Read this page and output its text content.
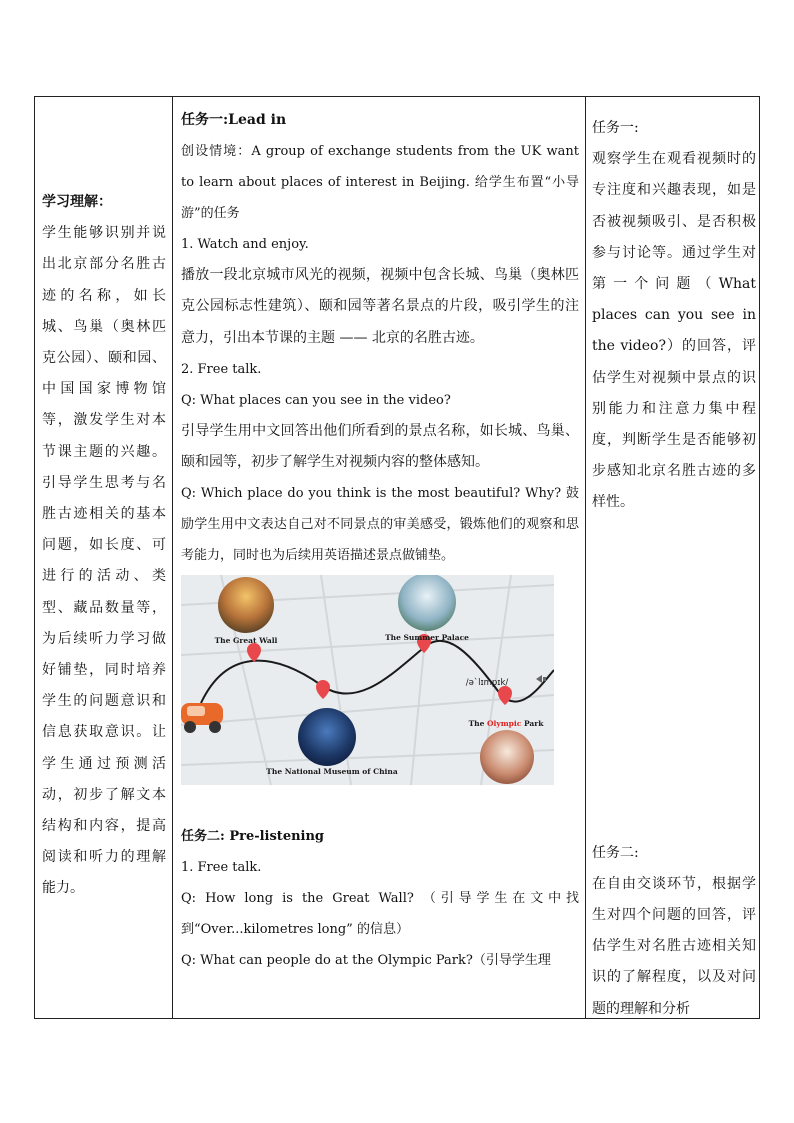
学习理解：

学生能够识别并说出北京部分名胜古迹的名称，如长城、鸟巢（奥林匹克公园）、颐和园、中国国家博物馆等，激发学生对本节课主题的兴趣。引导学生思考与名胜古迹相关的基本问题，如长度、可进行的活动、类型、藏品数量等，为后续听力学习做好铺垫，同时培养学生的问题意识和信息获取意识。让学生通过预测活动，初步了解文本结构和内容，提高阅读和听力的理解能力。

任务一:Lead in

创设情境：A group of exchange students from the UK want to learn about places of interest in Beijing. 给学生布置“小导游”的任务

1. Watch and enjoy.

播放一段北京城市风光的视频，视频中包含长城、鸟巢（奥林匹克公园标志性建筑）、颐和园等著名景点的片段，吸引学生的注意力，引出本节课的主题 —— 北京的名胜古迹。

2. Free talk.

Q: What places can you see in the video?

引导学生用中文回答出他们所看到的景点名称，如长城、鸟巢、颐和园等，初步了解学生对视频内容的整体感知。

Q: Which place do you think is the most beautiful? Why? 鼓励学生用中文表达自己对不同景点的审美感受，锻炼他们的观察和思考能力，同时也为后续用英语描述景点做铺垫。

The Great Wall	The Summer Palace
The National Museum of China
The Olympic Park
/ə`lɪmpɪk/

任务二: Pre-listening

1. Free talk.

Q: How long is the Great Wall? （引导学生在文中找到“Over...kilometres long” 的信息）

Q: What can people do at the Olympic Park?（引导学生理

任务一:

观察学生在观看视频时的专注度和兴趣表现，如是否被视频吸引、是否积极参与讨论等。通过学生对第一个问题（What places can you see in the video?）的回答，评估学生对视频中景点的识别能力和注意力集中程度，判断学生是否能够初步感知北京名胜古迹的多样性。

任务二:

在自由交谈环节，根据学生对四个问题的回答，评估学生对名胜古迹相关知识的了解程度，以及对问题的理解和分析
